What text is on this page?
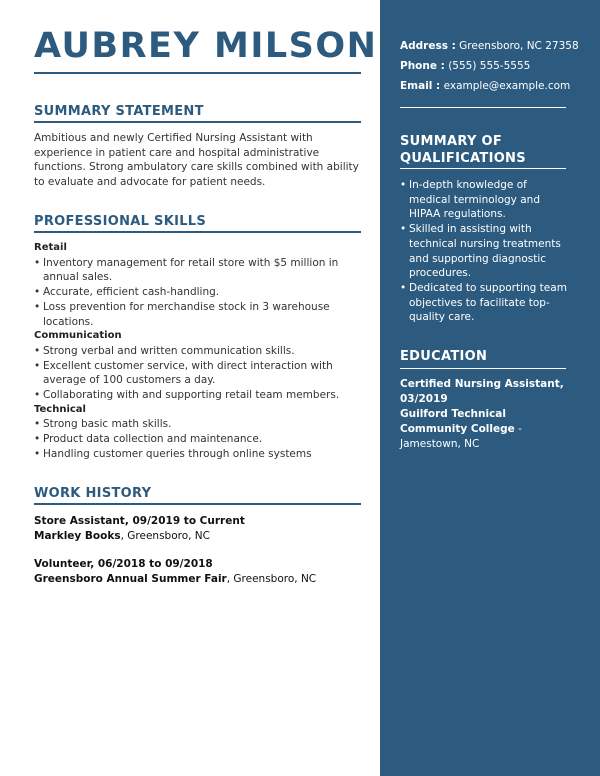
AUBREY MILSON
SUMMARY STATEMENT
Ambitious and newly Certified Nursing Assistant with experience in patient care and hospital administrative functions. Strong ambulatory care skills combined with ability to evaluate and advocate for patient needs.
PROFESSIONAL SKILLS
Retail
• Inventory management for retail store with $5 million in annual sales.
• Accurate, efficient cash-handling.
• Loss prevention for merchandise stock in 3 warehouse locations.
Communication
• Strong verbal and written communication skills.
• Excellent customer service, with direct interaction with average of 100 customers a day.
• Collaborating with and supporting retail team members.
Technical
• Strong basic math skills.
• Product data collection and maintenance.
• Handling customer queries through online systems
WORK HISTORY
Store Assistant, 09/2019 to Current
Markley Books, Greensboro, NC
Volunteer, 06/2018 to 09/2018
Greensboro Annual Summer Fair, Greensboro, NC
Address : Greensboro, NC 27358
Phone : (555) 555-5555
Email : example@example.com
SUMMARY OF QUALIFICATIONS
• In-depth knowledge of medical terminology and HIPAA regulations.
• Skilled in assisting with technical nursing treatments and supporting diagnostic procedures.
• Dedicated to supporting team objectives to facilitate top-quality care.
EDUCATION
Certified Nursing Assistant, 03/2019
Guilford Technical Community College - Jamestown, NC
